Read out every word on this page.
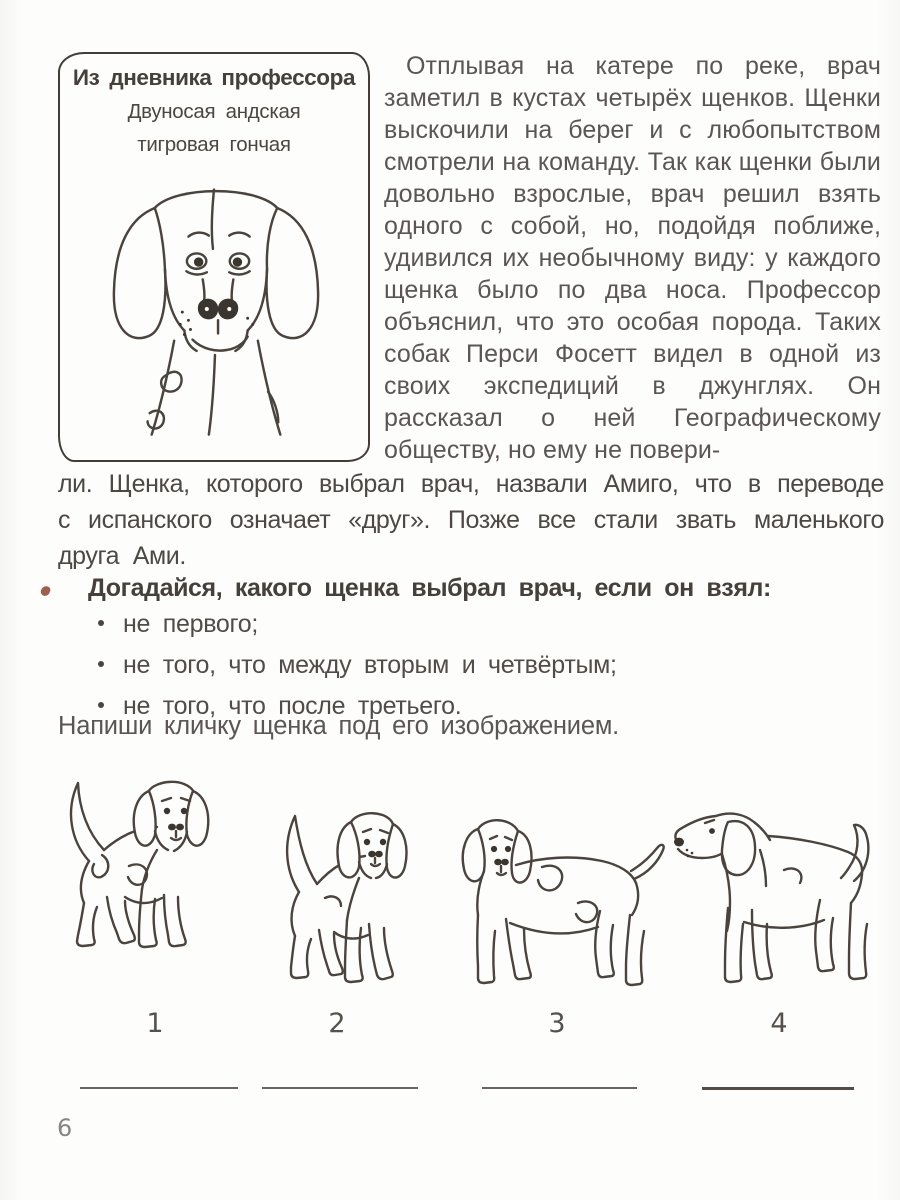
Из дневника профессора
Двуносая андская
тигровая гончая

Отплывая на катере по реке, врач заметил в кустах четырёх щенков. Щенки выскочили на берег и с любопытством смотрели на команду. Так как щенки были довольно взрослые, врач решил взять одного с собой, но, подойдя поближе, удивился их необычному виду: у каждого щенка было по два носа. Профессор объяснил, что это особая порода. Таких собак Перси Фосетт видел в одной из своих экспедиций в джунглях. Он рассказал о ней Географическому обществу, но ему не повери-

ли. Щенка, которого выбрал врач, назвали Амиго, что в переводе с испанского означает «друг». Позже все стали звать маленького друга Ами.

Догадайся, какого щенка выбрал врач, если он взял:
не первого;
не того, что между вторым и четвёртым;
не того, что после третьего.

Напиши кличку щенка под его изображением.

1	2	3	4
6
